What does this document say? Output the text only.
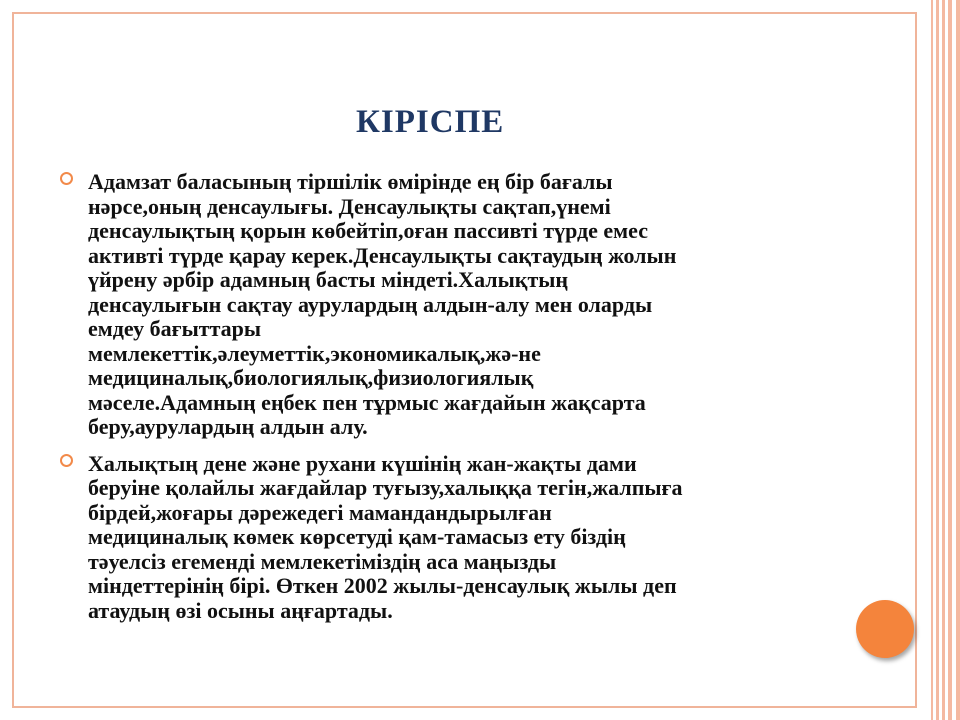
КІРІСПЕ

Адамзат баласының тіршілік өмірінде ең бір бағалы
нәрсе,оның денсаулығы. Денсаулықты сақтап,үнемі
денсаулықтың қорын көбейтіп,оған пассивті түрде емес
активті түрде қарау керек.Денсаулықты сақтаудың жолын
үйрену әрбір адамның басты міндеті.Халықтың
денсаулығын сақтау аурулардың алдын-алу мен оларды
емдеу бағыттары
мемлекеттік,әлеуметтік,экономикалық,жә-не
медициналық,биологиялық,физиологиялық
мәселе.Адамның еңбек пен тұрмыс жағдайын жақсарта
беру,аурулардың алдын алу.

Халықтың дене және рухани күшінің жан-жақты дами
беруіне қолайлы жағдайлар туғызу,халыққа тегін,жалпыға
бірдей,жоғары дәрежедегі мамандандырылған
медициналық көмек көрсетуді қам-тамасыз ету біздің
тәуелсіз егеменді мемлекетіміздің аса маңызды
міндеттерінің бірі. Өткен 2002 жылы-денсаулық жылы деп
атаудың өзі осыны аңғартады.
